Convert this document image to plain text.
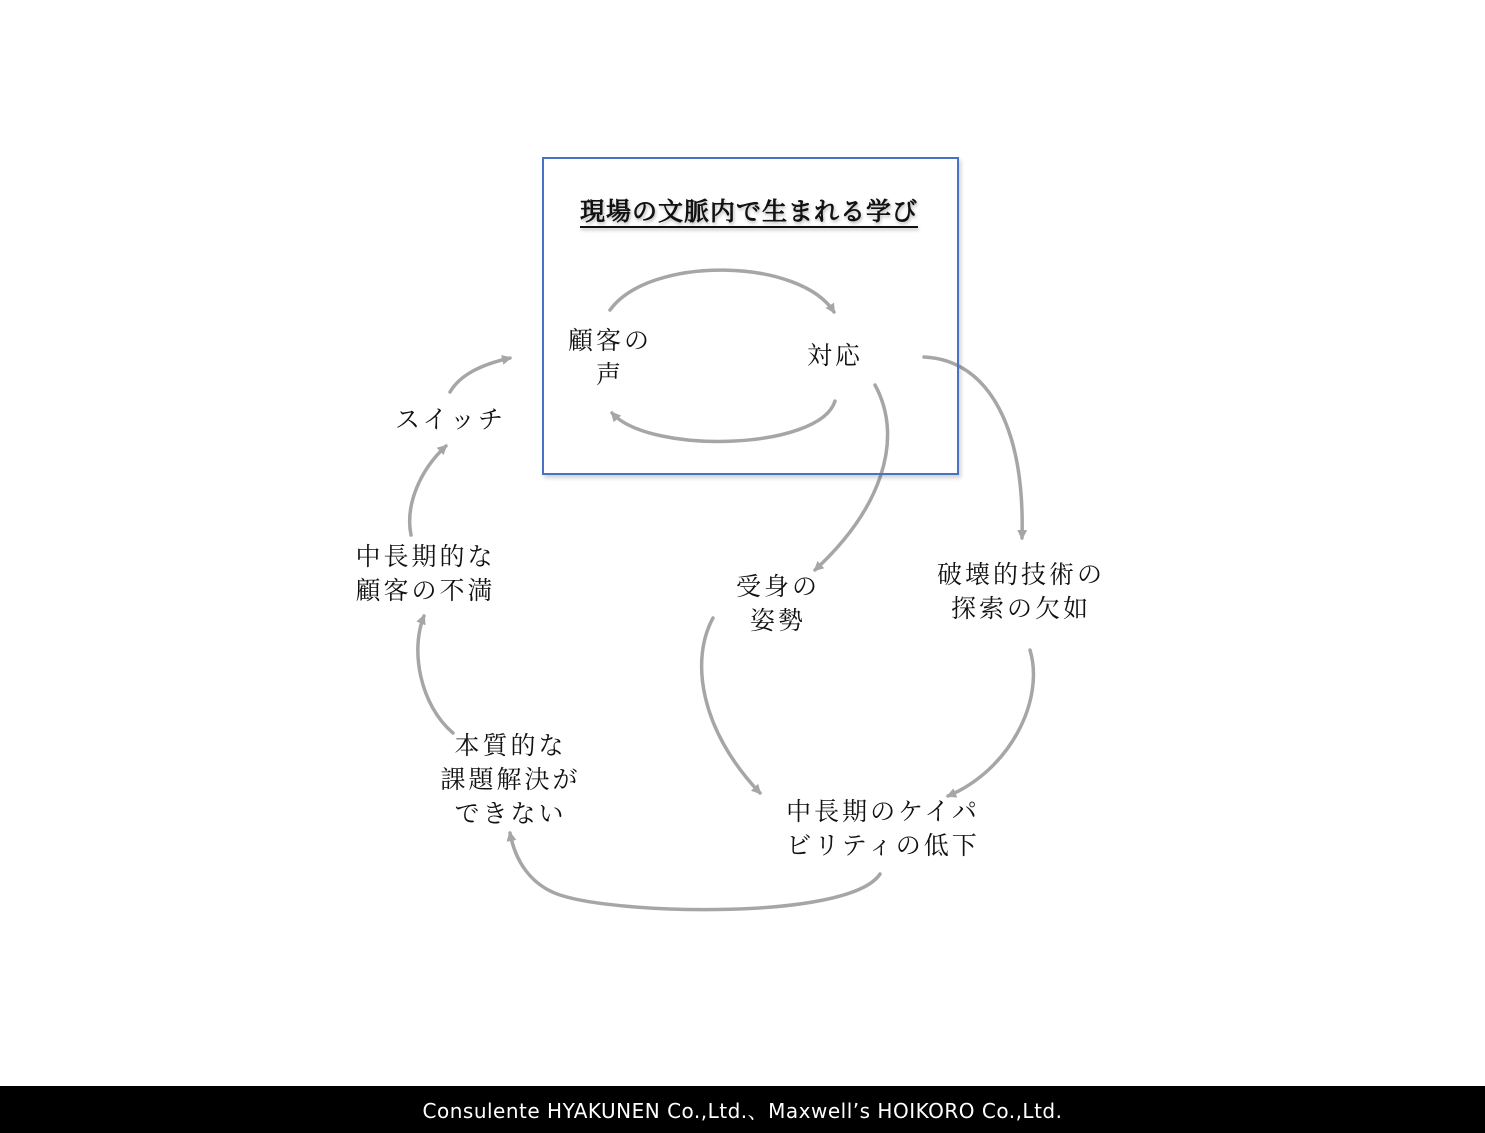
現場の文脈内で生まれる学び
顧客の
声
対応
スイッチ
中長期的な
顧客の不満	受身の
姿勢
破壊的技術の
探索の欠如
本質的な
課題解決が
できない	中長期のケイパ
ビリティの低下
Consulente HYAKUNEN Co.,Ltd.、Maxwell’s HOIKORO Co.,Ltd.
